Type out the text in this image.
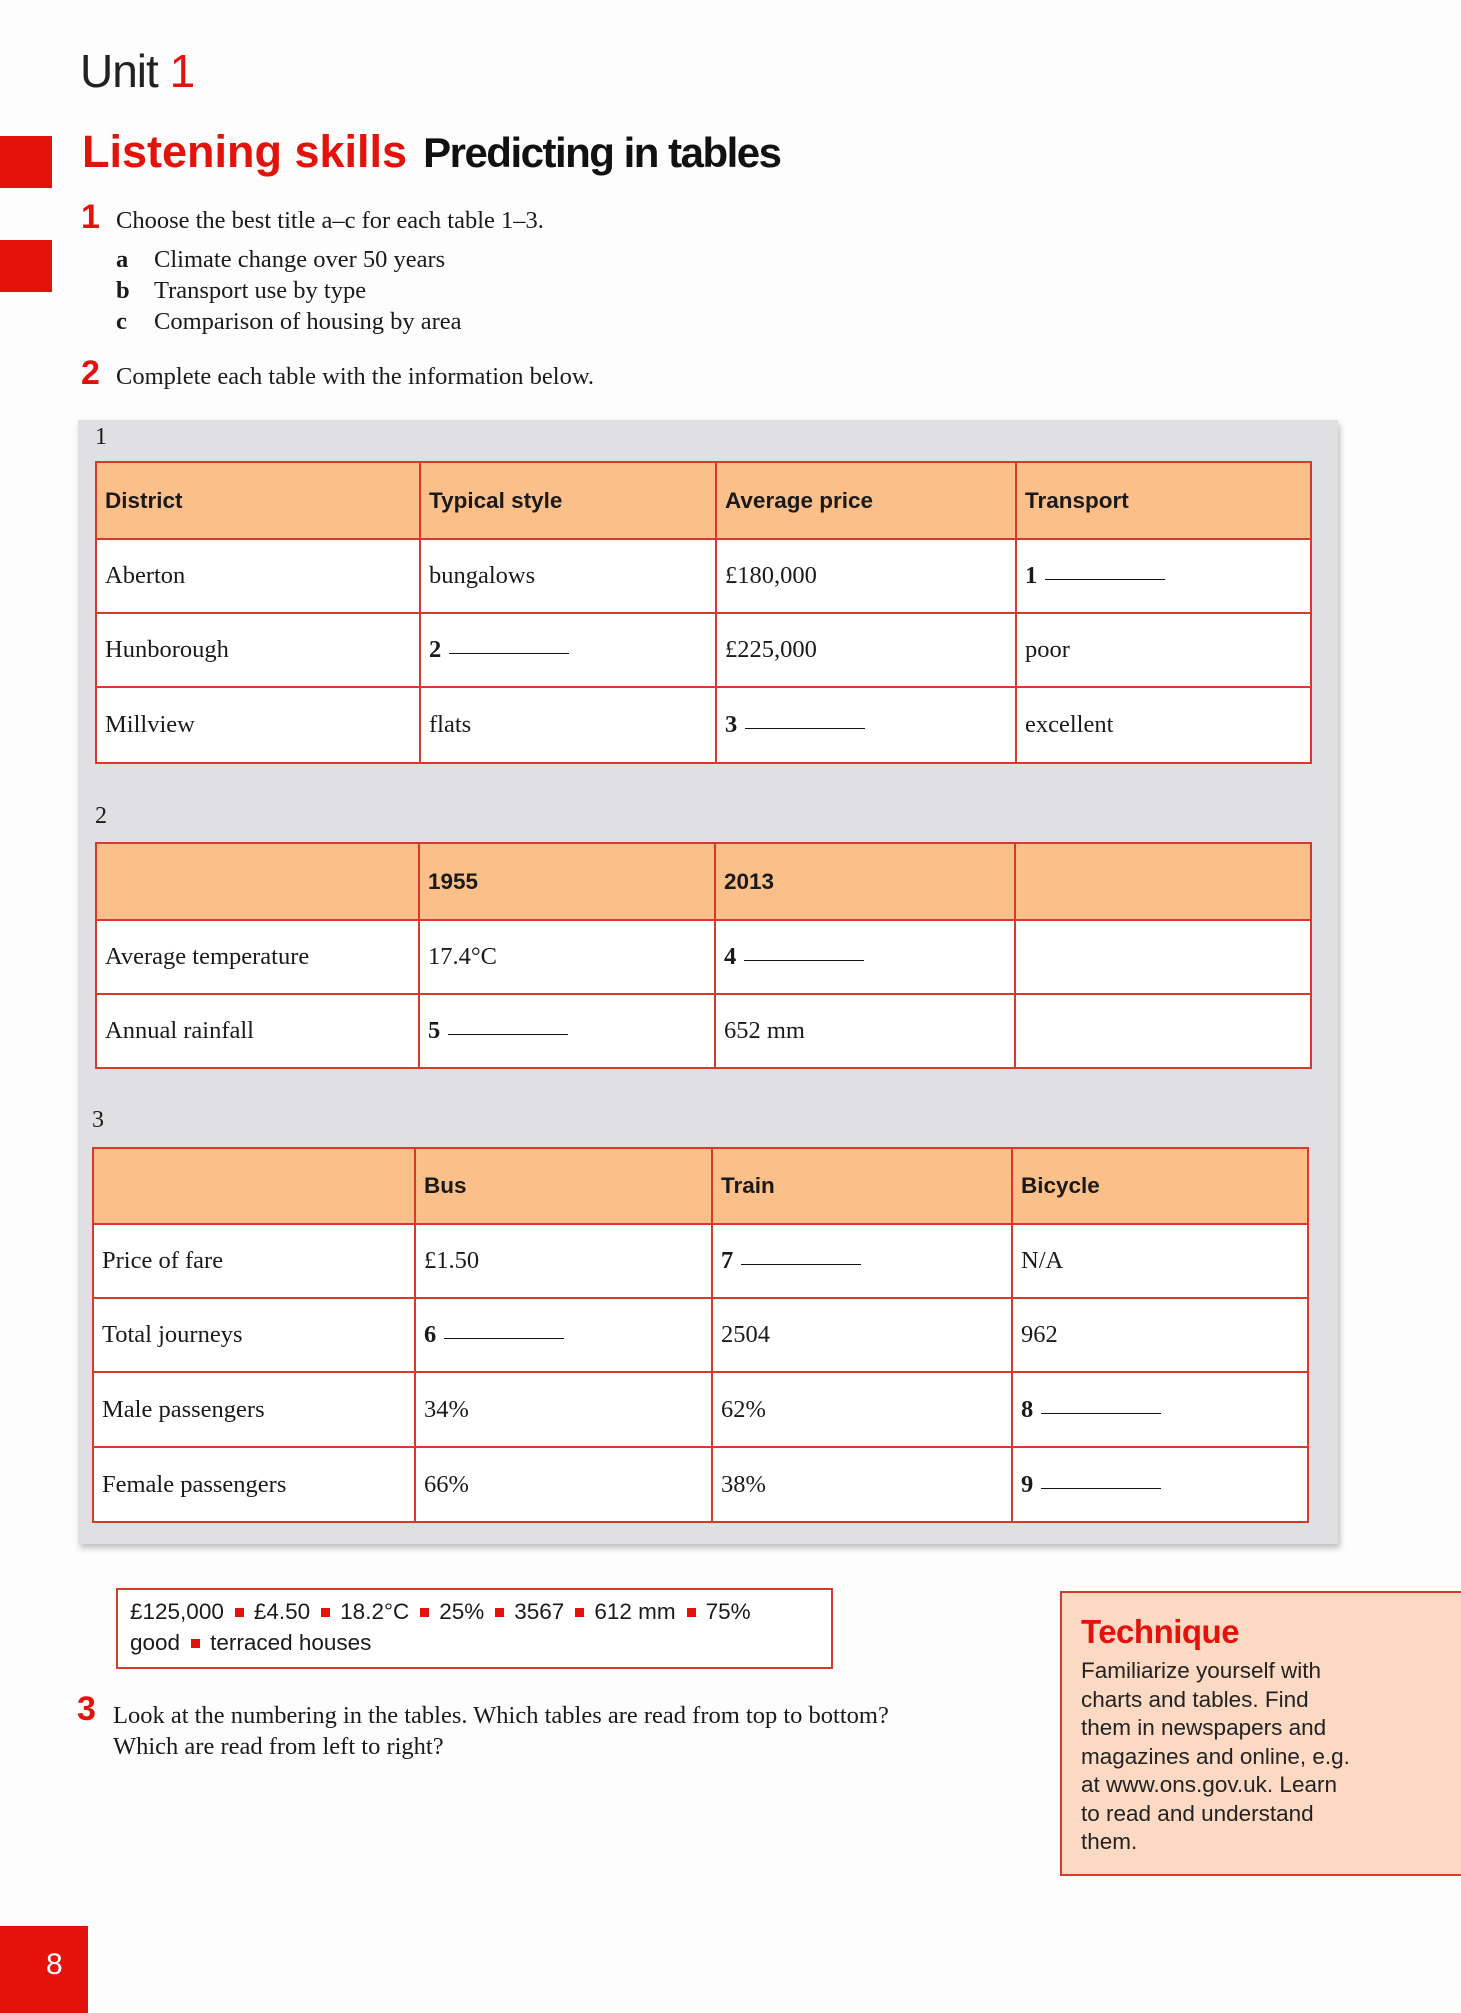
Unit 1
Listening skills Predicting in tables
1 Choose the best title a–c for each table 1–3.
a Climate change over 50 years
b Transport use by type
c Comparison of housing by area
2 Complete each table with the information below.
1
District	Typical style	Average price	Transport
Aberton	bungalows	£180,000	1
Hunborough	2	£225,000	poor
Millview	flats	3	excellent
2
	1955	2013	
Average temperature	17.4°C	4	
Annual rainfall	5	652 mm	
3
	Bus	Train	Bicycle
Price of fare	£1.50	7	N/A
Total journeys	6	2504	962
Male passengers	34%	62%	8
Female passengers	66%	38%	9
£125,000 £4.50 18.2°C 25% 3567 612 mm 75%
good terraced houses
3 Look at the numbering in the tables. Which tables are read from top to bottom? Which are read from left to right?
Technique
Familiarize yourself with charts and tables. Find them in newspapers and magazines and online, e.g. at www.ons.gov.uk. Learn to read and understand them.
8
